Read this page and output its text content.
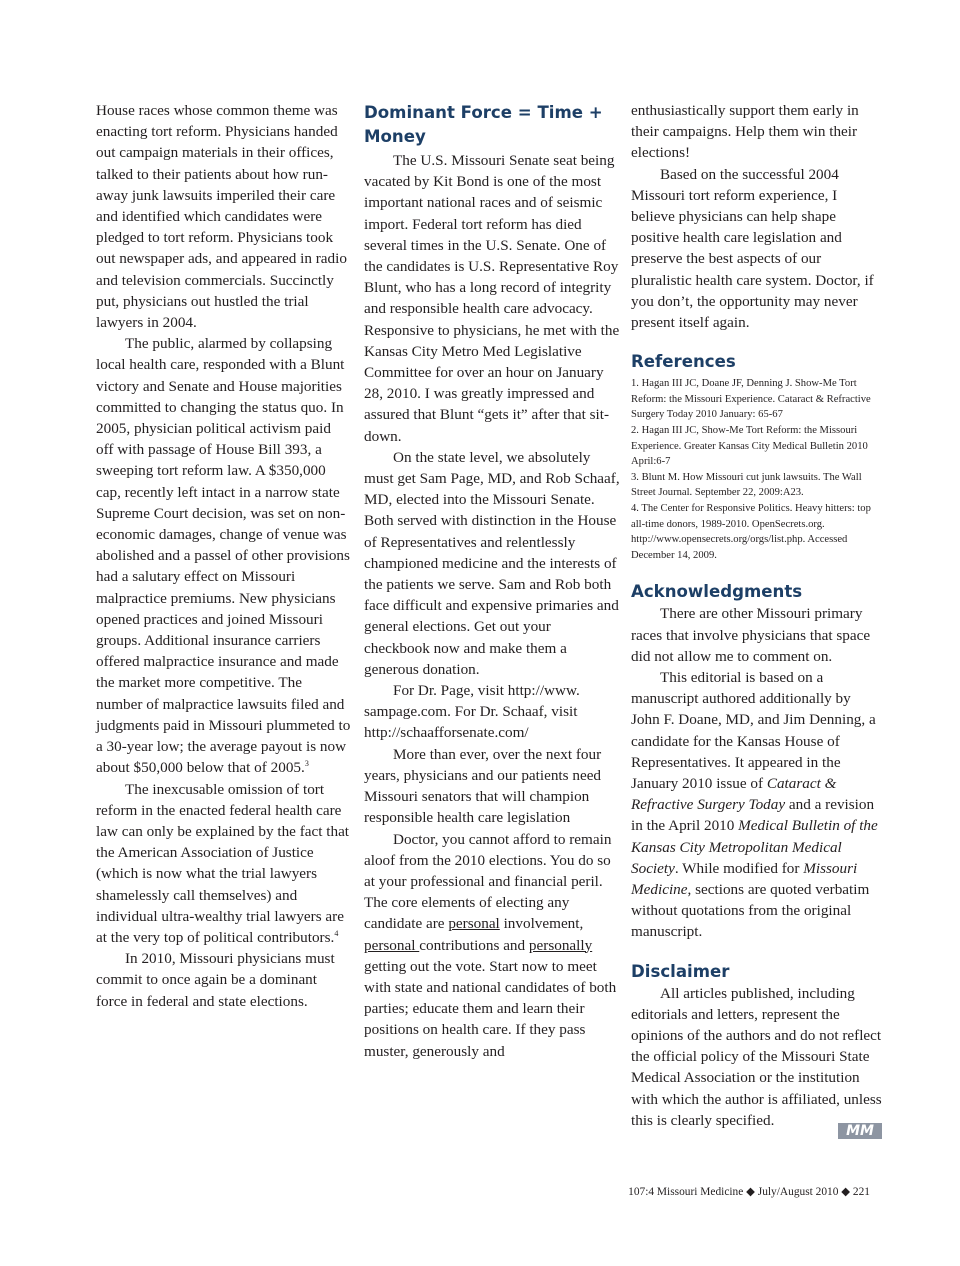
House races whose common theme was enacting tort reform. Physicians handed out campaign materials in their offices, talked to their patients about how run-away junk lawsuits imperiled their care and identified which candidates were pledged to tort reform. Physicians took out newspaper ads, and appeared in radio and television commercials. Succinctly put, physicians out hustled the trial lawyers in 2004.

The public, alarmed by collapsing local health care, responded with a Blunt victory and Senate and House majorities committed to changing the status quo. In 2005, physician political activism paid off with passage of House Bill 393, a sweeping tort reform law. A $350,000 cap, recently left intact in a narrow state Supreme Court decision, was set on non-economic damages, change of venue was abolished and a passel of other provisions had a salutary effect on Missouri malpractice premiums. New physicians opened practices and joined Missouri groups. Additional insurance carriers offered malpractice insurance and made the market more competitive. The number of malpractice lawsuits filed and judgments paid in Missouri plummeted to a 30-year low; the average payout is now about $50,000 below that of 2005.$^3$

The inexcusable omission of tort reform in the enacted federal health care law can only be explained by the fact that the American Association of Justice (which is now what the trial lawyers shamelessly call themselves) and individual ultra-wealthy trial lawyers are at the very top of political contributors.$^4$

In 2010, Missouri physicians must commit to once again be a dominant force in federal and state elections.

Dominant Force = Time + Money

The U.S. Missouri Senate seat being vacated by Kit Bond is one of the most important national races and of seismic import. Federal tort reform has died several times in the U.S. Senate. One of the candidates is U.S. Representative Roy Blunt, who has a long record of integrity and responsible health care advocacy. Responsive to physicians, he met with the Kansas City Metro Med Legislative Committee for over an hour on January 28, 2010. I was greatly impressed and assured that Blunt “gets it” after that sit-down.

On the state level, we absolutely must get Sam Page, MD, and Rob Schaaf, MD, elected into the Missouri Senate. Both served with distinction in the House of Representatives and relentlessly championed medicine and the interests of the patients we serve. Sam and Rob both face difficult and expensive primaries and general elections. Get out your checkbook now and make them a generous donation.

For Dr. Page, visit http://www. sampage.com. For Dr. Schaaf, visit http://schaafforsenate.com/

More than ever, over the next four years, physicians and our patients need Missouri senators that will champion responsible health care legislation

Doctor, you cannot afford to remain aloof from the 2010 elections. You do so at your professional and financial peril. The core elements of electing any candidate are personal involvement, personal contributions and personally getting out the vote. Start now to meet with state and national candidates of both parties; educate them and learn their positions on health care. If they pass muster, generously and

enthusiastically support them early in their campaigns. Help them win their elections!

Based on the successful 2004 Missouri tort reform experience, I believe physicians can help shape positive health care legislation and preserve the best aspects of our pluralistic health care system. Doctor, if you don’t, the opportunity may never present itself again.

References
1. Hagan III JC, Doane JF, Denning J. Show-Me Tort Reform: the Missouri Experience. Cataract & Refractive Surgery Today 2010 January: 65-67
2. Hagan III JC, Show-Me Tort Reform: the Missouri Experience. Greater Kansas City Medical Bulletin 2010 April:6-7
3. Blunt M. How Missouri cut junk lawsuits. The Wall Street Journal. September 22, 2009:A23.
4. The Center for Responsive Politics. Heavy hitters: top all-time donors, 1989-2010. OpenSecrets.org. http://www.opensecrets.org/orgs/list.php. Accessed December 14, 2009.
Acknowledgments

There are other Missouri primary races that involve physicians that space did not allow me to comment on.

This editorial is based on a manuscript authored additionally by John F. Doane, MD, and Jim Denning, a candidate for the Kansas House of Representatives. It appeared in the January 2010 issue of Cataract & Refractive Surgery Today and a revision in the April 2010 Medical Bulletin of the Kansas City Metropolitan Medical Society. While modified for Missouri Medicine, sections are quoted verbatim without quotations from the original manuscript.

Disclaimer

All articles published, including editorials and letters, represent the opinions of the authors and do not reflect the official policy of the Missouri State Medical Association or the institution with which the author is affiliated, unless this is clearly specified.

MM
107:4 Missouri Medicine ◆ July/August 2010 ◆ 221
